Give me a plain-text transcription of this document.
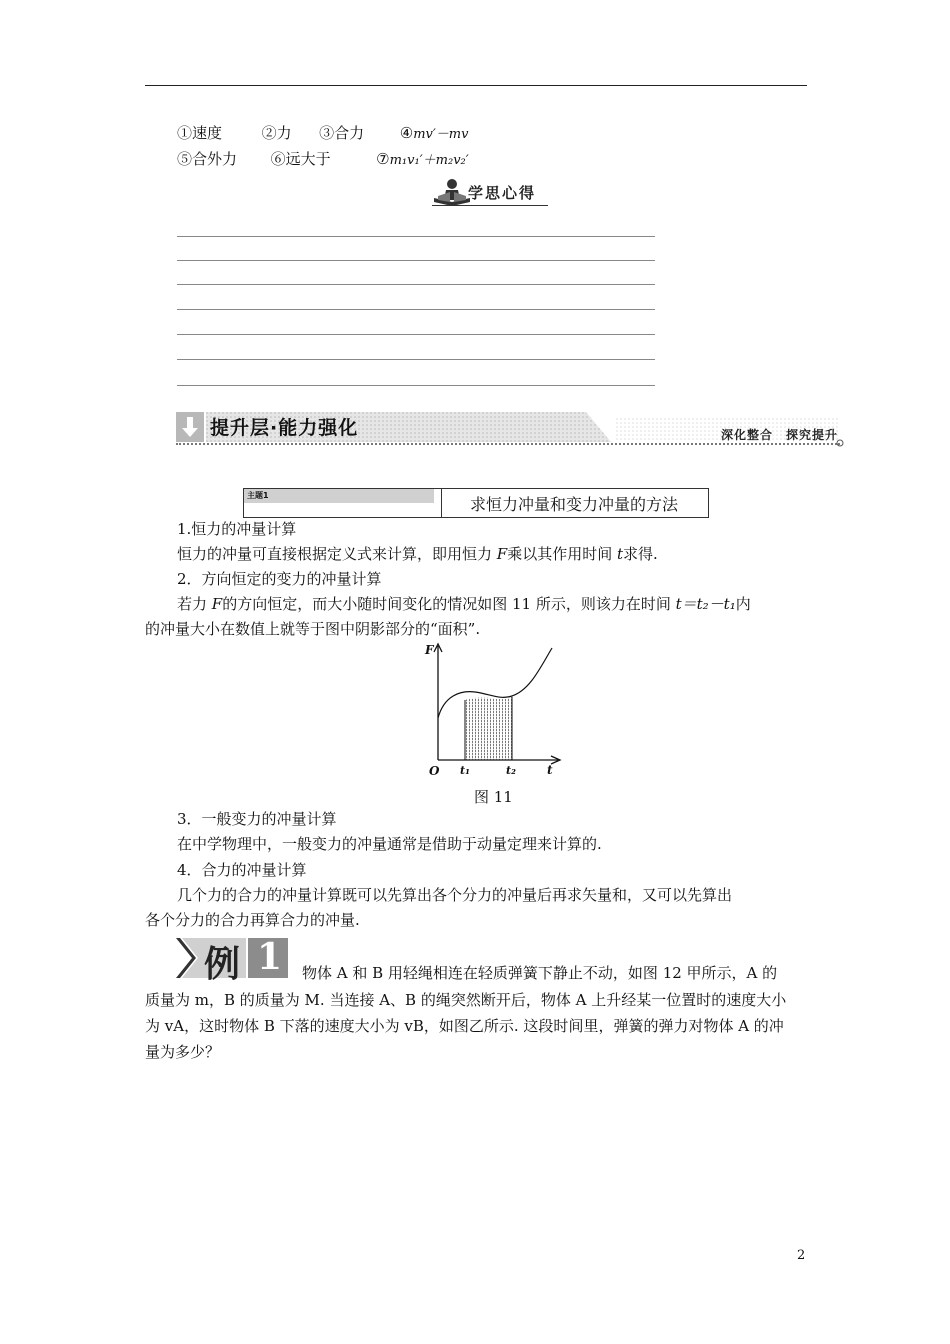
①速度	②力 ③合力 ④mv′－mv
⑤合外力 ⑥远大于	⑦m₁v₁′＋m₂v₂′
学思心得
提升层·能力强化	深化整合　探究提升
主题1	求恒力冲量和变力冲量的方法
1.恒力的冲量计算
恒力的冲量可直接根据定义式来计算，即用恒力 F乘以其作用时间 t求得.
2．方向恒定的变力的冲量计算
若力 F的方向恒定，而大小随时间变化的情况如图 11 所示，则该力在时间 t＝t₂－t₁内
的冲量大小在数值上就等于图中阴影部分的“面积”.
F
t
O t₁	t₂
图 11
3．一般变力的冲量计算
在中学物理中，一般变力的冲量通常是借助于动量定理来计算的.
4．合力的冲量计算
几个力的合力的冲量计算既可以先算出各个分力的冲量后再求矢量和，又可以先算出
各个分力的合力再算合力的冲量.
例 1 物体 A 和 B 用轻绳相连在轻质弹簧下静止不动，如图 12 甲所示，A 的
质量为 m，B 的质量为 M. 当连接 A、B 的绳突然断开后，物体 A 上升经某一位置时的速度大小
为 vA，这时物体 B 下落的速度大小为 vB，如图乙所示. 这段时间里，弹簧的弹力对物体 A 的冲
量为多少？
2
